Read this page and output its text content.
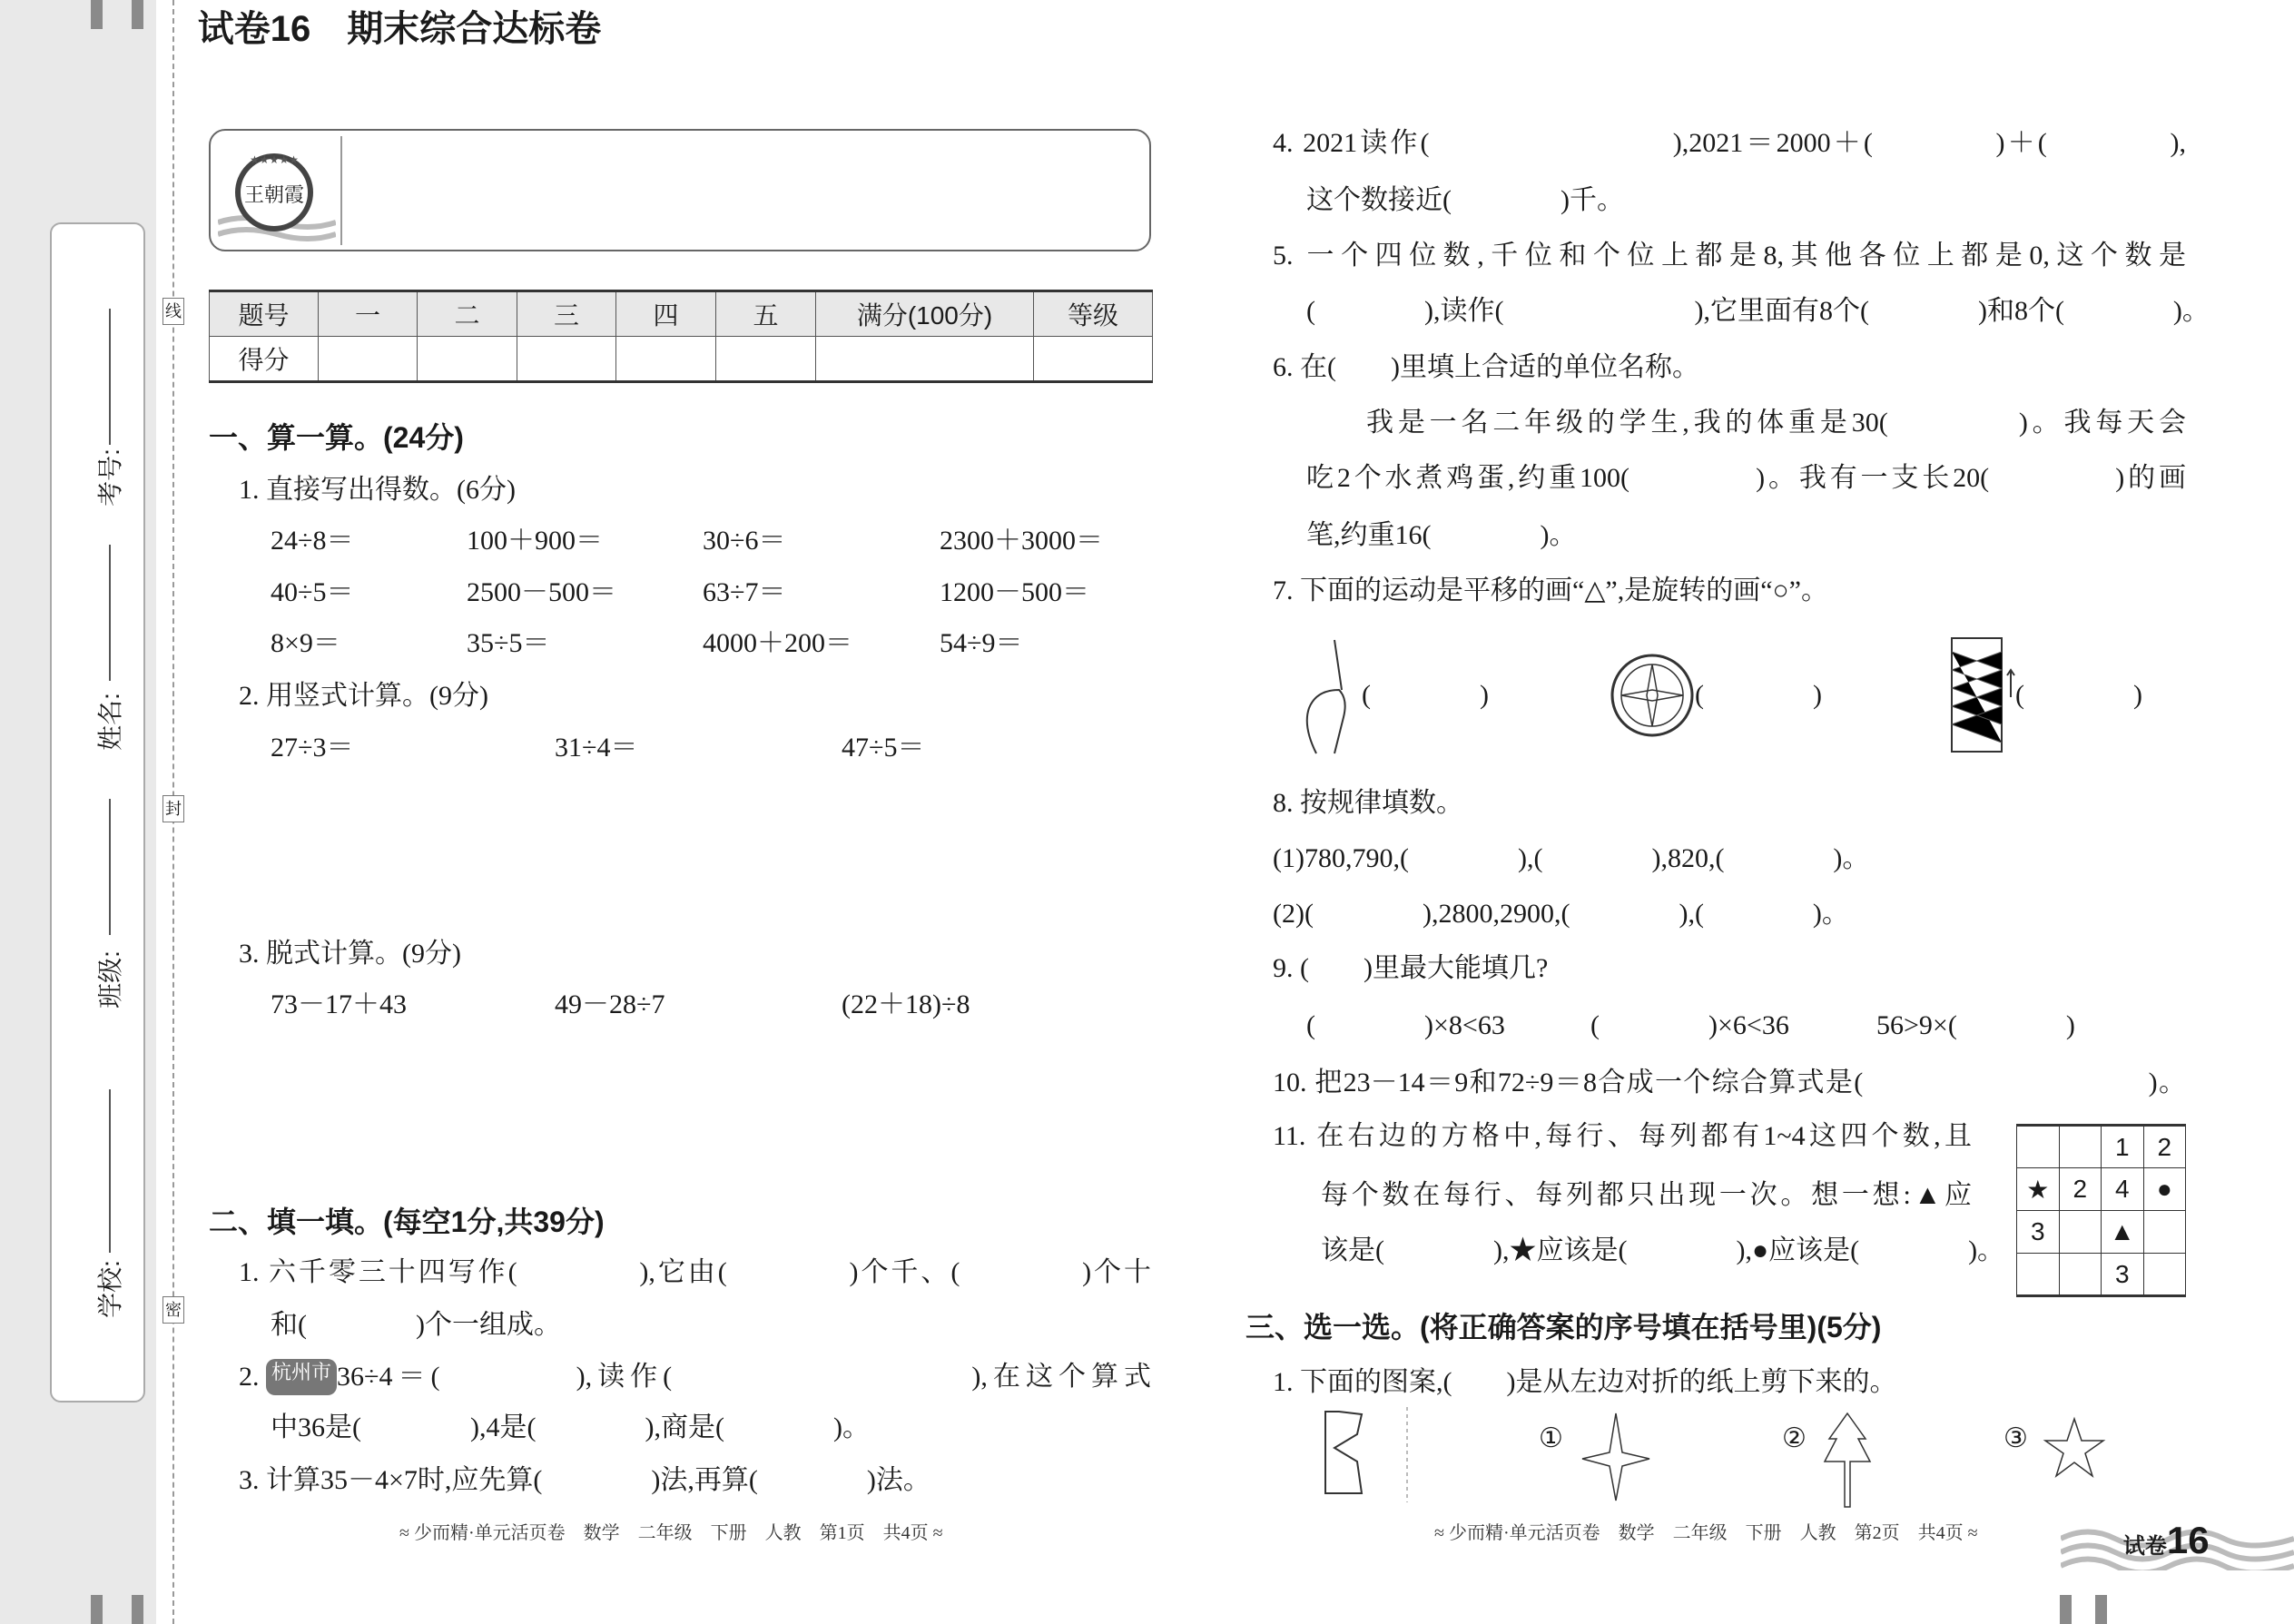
考号:
姓名:
班级:
学校:
线
封
密
★★★★★
王朝霞
试卷16　期末综合达标卷
题号	一	二	三	四	五	满分(100分)	等级
得分							
一、算一算。(24分)
1. 直接写出得数。(6分)
24÷8＝	100＋900＝	30÷6＝	2300＋3000＝
40÷5＝	2500－500＝	63÷7＝	1200－500＝
8×9＝	35÷5＝	4000＋200＝	54÷9＝
2. 用竖式计算。(9分)
27÷3＝	31÷4＝	47÷5＝
3. 脱式计算。(9分)
73－17＋43	49－28÷7	(22＋18)÷8
二、填一填。(每空1分,共39分)
1. 六千零三十四写作(　　　　),它由(　　　　)个千、(　　　　)个十
和(　　　　)个一组成。
2. 杭州市 36÷4＝(　　　　),读作(　　　　　　　　　),在这个算式
中36是(　　　　),4是(　　　　),商是(　　　　)。
3. 计算35－4×7时,应先算(　　　　)法,再算(　　　　)法。
≈ 少而精·单元活页卷　数学　二年级　下册　人教　第1页　共4页 ≈
4. 2021读作(　　　　　　　　),2021＝2000＋(　　　　)＋(　　　　),
这个数接近(　　　　)千。
5. 一个四位数,千位和个位上都是8,其他各位上都是0,这个数是
(　　　　),读作(　　　　　　　),它里面有8个(　　　　)和8个(　　　　)。
6. 在(　　)里填上合适的单位名称。
我是一名二年级的学生,我的体重是30(　　　　)。我每天会
吃2个水煮鸡蛋,约重100(　　　　)。我有一支长20(　　　　)的画
笔,约重16(　　　　)。
7. 下面的运动是平移的画“△”,是旋转的画“○”。
(　　　　)	(　　　　)	(　　　　)
8. 按规律填数。
(1)780,790,(　　　　),(　　　　),820,(　　　　)。
(2)(　　　　),2800,2900,(　　　　),(　　　　)。
9. (　　)里最大能填几?
(　　　　)×8<63	(　　　　)×6<36	56>9×(　　　　)
10. 把23－14＝9和72÷9＝8合成一个综合算式是(　　　　　　　　　　)。
11. 在右边的方格中,每行、每列都有1~4这四个数,且
每个数在每行、每列都只出现一次。想一想:▲应
该是(　　　　),★应该是(　　　　),●应该是(　　　　)。
		1	2
★	2	4	●
3		▲	
		3	
三、选一选。(将正确答案的序号填在括号里)(5分)
1. 下面的图案,(　　)是从左边对折的纸上剪下来的。
①	②	③
≈ 少而精·单元活页卷　数学　二年级　下册　人教　第2页　共4页 ≈

试卷16
